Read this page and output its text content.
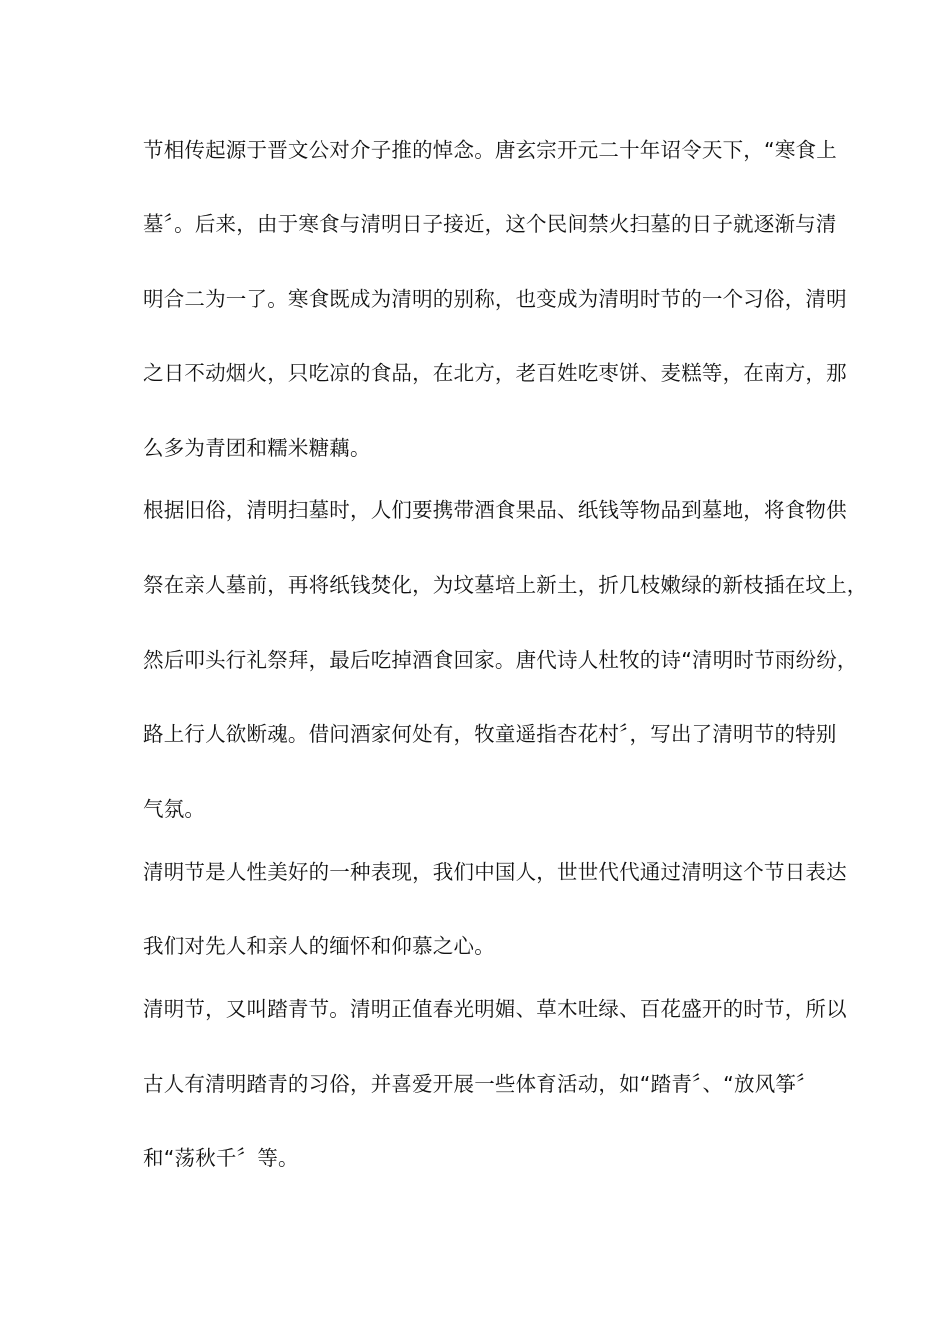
节相传起源于晋文公对介子推的悼念。唐玄宗开元二十年诏令天下，“寒食上
墓〞。后来，由于寒食与清明日子接近，这个民间禁火扫墓的日子就逐渐与清
明合二为一了。寒食既成为清明的别称，也变成为清明时节的一个习俗，清明
之日不动烟火，只吃凉的食品，在北方，老百姓吃枣饼、麦糕等，在南方，那
么多为青团和糯米糖藕。
根据旧俗，清明扫墓时，人们要携带酒食果品、纸钱等物品到墓地，将食物供
祭在亲人墓前，再将纸钱焚化，为坟墓培上新土，折几枝嫩绿的新枝插在坟上，
然后叩头行礼祭拜，最后吃掉酒食回家。唐代诗人杜牧的诗“清明时节雨纷纷，
路上行人欲断魂。借问酒家何处有，牧童遥指杏花村〞，写出了清明节的特别
气氛。
清明节是人性美好的一种表现，我们中国人，世世代代通过清明这个节日表达
我们对先人和亲人的缅怀和仰慕之心。
清明节，又叫踏青节。清明正值春光明媚、草木吐绿、百花盛开的时节，所以
古人有清明踏青的习俗，并喜爱开展一些体育活动，如“踏青〞、“放风筝〞
和“荡秋千〞等。
